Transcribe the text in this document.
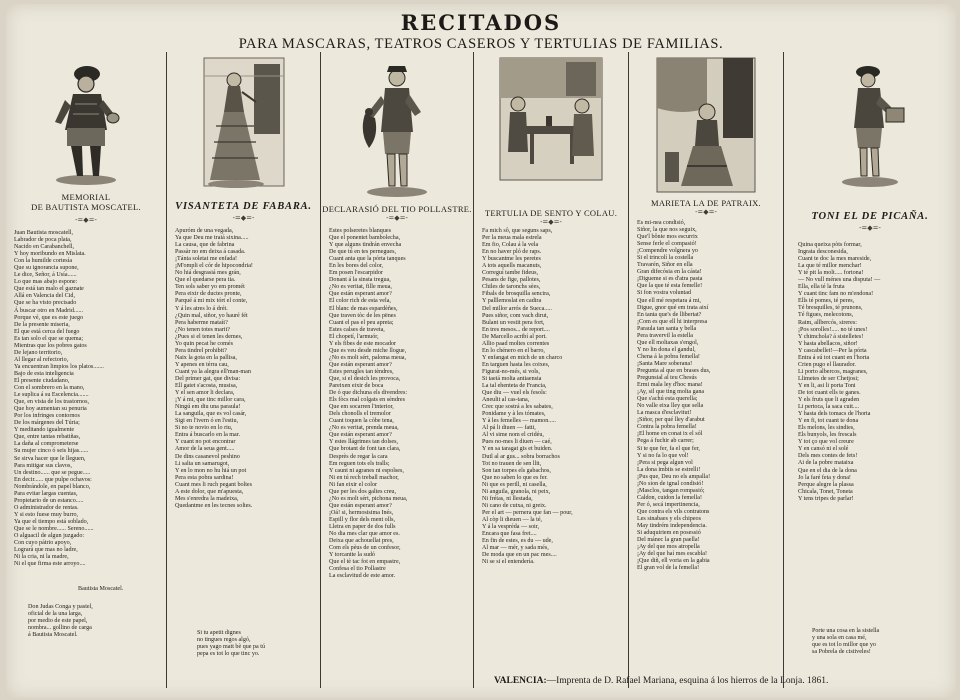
RECITADOS
PARA MASCARAS, TEATROS CASEROS Y TERTULIAS DE FAMILIAS.
MEMORIAL
DE BAUTISTA MOSCATEL.
-=◆=-
Juan Bautista moscatell,
Labrador de poca plata,
Nacido en Carabanchell,
Y hoy moribundo en Mislata.
Con la humilde cortesía
Que su ignorancia supone,
Le dice, Señor, á Usía......
Lo que mas abajo espone:
Que está tan malo el gaznate
Allá en Valencia del Cid,
Que se ha visto precisado
Á buscar otro en Madrid......
Porque vé, que es este juego
De la presente miseria,
El que está cerca del fuego
Es tan solo el que se quema;
Mientras que los pobres gatos
De lejano territorio,
Al llegar al refectorio,
Ya encuentran limpios los platos.......
Bajo de esta inteligencia
El presente ciudadano,
Con el sombrero en la mano,
Le suplica á su Escelencia.......
Que, en vista de los trastornos,
Que hoy aumentan su penuria
Por los infringes contornos
De los márgenes del Túria;
Y meditando igualmente
Que, entre tantas rebatiñas,
La daña al comprometerse
Su mujer cinco ó seis hijas......
Se sirva hacer que le lleguen,
Para mitigar sus clavos,
Un destino...... que se pegue.....
En decir...... que pulpe ochavos:
Nombrándole, en papel blanco,
Para evitar largas cuentas,
Propietario de un estanco.....
O administrador de rentas.
Y si esto fuese muy burro,
Ya que el tiempo está soblado,
Que se le nombre...... Sereno......
O alguacil de algun juzgado:
Con cuyo pátrio apoyo,
Lograrà que mas no ladre,
Ni la cria, ni la madre,
Ni el que firma este arroyo....
Bautista Moscatel.
Don Judas Conga y pastel,
oficial de la una larga,
por medio de este papel,
nombra... gollino de carga
á Bautista Moscatel.
VISANTETA DE FABARA.
-=◆=-
Apuróm de una vegada,
Ya que Deu me traiá sixina.....
La causa, que de fabrina
Passàr no em deixa á casada.
¡Tánta soletat me enfada!
¡M'ompli el cór de hipocondria!
No hiá desgrasiá mes grán,
Que el quedarse pera tia.
Ten sols saber yo em promét
Pera eixir de ductes pronte,
Parqué á mi mix tórt el conte,
Y á les atres lo á drét.
¿Quin mal, siñor, yo hauré fét
Pera haberme mataít?
¿No tenen totes marit?
¿Pues si el tenen les demes,
Yo quin pecat he comés
Pera tindrel prohibit?
Naix la gota en la pallisa,
Y apenes en térra cau,
Cuant ya la alegra ell'man-man
Del primer gat, que divisa:
Ell gatet s'acosta, musisa,
Y el sen amor li declara,
¡Y á mi, que tinc millor cara,
Ningú em diu una paraula!
La sanguila, que es vol casár,
Sigi en l'ivern ó en l'estiu,
Si no te novio en lo riu,
Entra á buscarlo en la mar.
Y cuant no pot encontrar
Amor de la seua gent.....
De dins casanevol peshino
Li salta un samarugot,
Y en lo mon no hu hiá un pot
Pera esta pobra sardina!
Cuant mes li ruch pegant boltes
A este dolor, que m'apuesta,
Mes s'enredra la madeixa,
Quedantme en les tecnes soltes.
Si tu apetit dignes
no tingues regos algó,
pues yago matt bè que pa tú
pepa es tot lo que tinc yo.
DECLARASIÓ DEL TIO POLLASTRE.
-=◆=-
Estes polseretes blanques
Que el ponentet bambolecha,
Y que alguns tindrán envecha
De que tú en tes pernegues,
Cuant anta que la pórta tanques
En les bores del color,
Em posen l'escarpidor
Donant á la sinsta tregua,
¿No es veritat, fille meua,
Que están esperant amor?
El color rich de esta vela,
El blanc de mas espardèñes,
Que traven tòc de les pënes
Cuant el pas el peu apreta;
Estes calses de traveta,
El chopetí, l'armuór,
Y els fibes de este mocador
Que es veu desde miche llogue,
¿No es molt sért, paloma meua,
Que están esperant amor?
Estes perugles tan tèndres,
Que, si el desich les provoca,
Pareixen eixir de boca
De ó que dichuna els divendres:
Els fòcs mal colgats en sèndres
Que em socarren l'interior,
Dels chonolls el tremolor
Cuant toquen la còbe tena,
¿No es veritat, prenda meua,
Que están esperant amor?
Y estes llágrimes tan dolses,
Que brotant de font tan clara,
Desprès de regar la cara
Em reguen tots els tralls;
Y caunt ni agranes ni espolses,
Ni en tú rech treball machor,
Ni fan eixir el color
Que per les dos galtes creu,
¿No es molt sért, pichona meua,
Que están esperant amor?
¡Oá! si, hermosisima Inés,
Espill y flor dels ment olls,
Lletra en paper de dos fulls
No dia mes clar que amor es.
Deixa que achouellat pres,
Com els pèus de un confesor,
Y torcantte la sudó
Que el tè tac fot en empastre,
Confesa el tio Pollastre
La esclavitud de este amor.
TERTULIA DE SENTO Y COLAU.
-=◆=-
Fa mich sô, que seguns saps,
Per la meua mala estrela
Em fio, Colau á la vela
En no haver pló de raps.
Y buscantme les peretes
A tots aquells macanuts,
Correguí tambe fideus,
Pesans de fige, pallotes,
Chiles de taronchs sèes,
Fibals de brosquilla sencira,
Y palllemoslat en cadira
Del millor arrós de Sueca.....
Pues siñor, com vach dirut,
Bulant un vestit pera fort,
En tres mesos... de report....
De Marcello acribí al port.
Allio paad moltes correntes
En lo chénero en el barro,
Y enfangat en mich de un charco
En targuen hasta les coixes,
Figurat-no-més, si vols,
Si taeiá molta antiaensia
La tal ehenteta de Francia,
Que diu — vuel els fesols:
Aneulit al cas-tana,
Crec que sostrá a les sabates,
Ponidame y à les tómates,
Y à les femelles — mamon.....
Al pá li diuen — fatti,
Al vi sime nom el cridéu,
Pues no-mes li diuen — caé,
Y en sa taragat gis et buiden.
Dutl al ar gus... sobra borrachos
Tot no trauen de sen llit,
Son tan torpes els gabachos,
Que no saben lo que es fer.
Ni que es perill, ni casella,
Ni anguila, granola, ni peix,
Ni frétas, ni llestada,
Ni cano de cutxa, ni greix.
Per el art — pernera que fan — pour,
Al còp li dieuen — la té,
Y á la vespréda — soir,
Encara que fasa fret....
En fin de estes, es du — ude,
Al mar — mér, y sada més,
De moda que en un pac mes....
Ni se si el entendería.
MARIETA LA DE PATRAIX.
-=◆=-
Es mi-nea condisió,
Siñor, la que nos seguix,
Que'l bônie mos escurrix
Sense ferle el compasió!
¡Compendre volgnera yo
Si el trincolí la costella
Travarén, Siñor en ella
Gran difecósia en la cásta!
¡Digueme si es d'atra pasta
Que la que té esta femelle!
Si fon vostra voluntad
Que ell mé respetara á mi,
Digue, gnor qué em trata així
En tanta que's de llibertat?
¡Com es que ell hi interpresa
Paraula tan santa y bella
Pera travervil la estella
Que ell moltaxas s'engol,
Y no lin dona el gandul,
Chena á la pobra femella!
¡Santa Mare soberana!
Pregunta al que en brases dus,
Pregunsial al teu Chesús
Ermi mala ley d'hoc mana!
¡Ay, sil que ting molta gana
Que s'achú esta querella;
No valle eixa lley que sella
La masca d'esclavitut!
¡Siñor, per qué lley d'arabut
Contra la pobra femella!
¡El home en conat ix el sól
Pega á fuchir ab carrer;
Si te que fer, fa el que fer,
Y si no fa lo que vol!
¡Pera si pega algun vol
La dona imbiis se estrelli!
¡Pus que, Deu no els ampalla!
¡No sion de ignal condisió!
¡Masclos, tangan rompasió;
Caldon, cuidon la femella!
Per ó, secá impertinencia,
Que contra els vils contratons
Les sinabaes y els chipeos
May tindrém independencia.
Si aduquiriem en posessió
Del mánec la gran paella!
¡Ay del que mos atropella
¡Ay del que haí mes escabla!
¡Que diñ, ell voria en la gabia
El gran vol de la femella!
TONI EL DE PICAÑA.
-=◆=-
Quina queixa pòts formar,
Ingrata desconesida,
Cuant te doc la mes mareside,
La que té millor menchar!
Y té pit la molt..... fortona!
— No vull ménes una disputa! —
Ella, ella té la fruta
Y cuant tinc fam no m'endona!
Ells té pomes, té peres,
Té bresquilles, té prunons,
Té figues, melecotons,
Raim, allbercós, sireres:
¡Pos sorolles!..... no té unes!
Y chimchola? á sistelletes!
Y hasta abellacos, siñor!
Y cascabellet!—Per la pórta
Entra á sú tot cuant en l'horta
Crien pugo el llaurador.
Li porto albercos, magranes,
Llimetes de ser Chetjosi;
Y en li, asi li porta Toni
De tot cuant ells te ganes.
Y els fruts que li agraden
Li pertoca, la saca cuit....
Y hasta dels tomacs de l'horta
Y en fi, tot cuant te dona
Els melons, les sindies,
Els bunyols, les frescals
Y tot ço que vol creure
Y en cansó ni el solé
Dels mes contes de fets!
Ai de la pobre mataixa
Que en el dia de la dona
Jo la faré feta y dona!
Perque alegre la plassa
Chicala, Tonet, Toneta
Y tens tripes de parlar!
Porte una cosa en la sistella
y una sola en casa mé,
que es tot lo millor que yo
sa Pobrela de cistiveles!
VALENCIA:—Imprenta de D. Rafael Mariana, esquina á los hierros de la Lonja. 1861.
